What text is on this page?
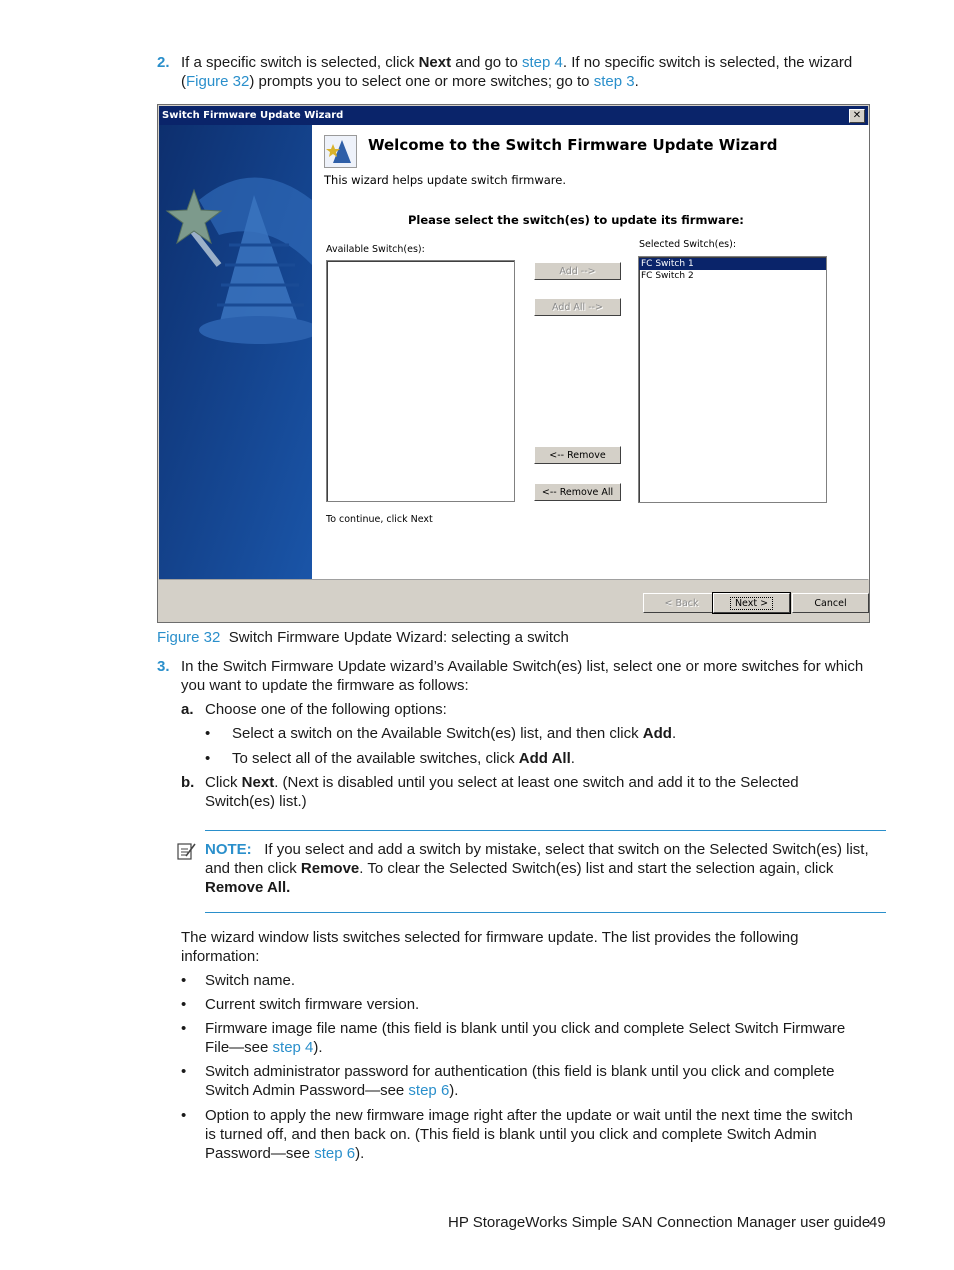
2. If a specific switch is selected, click Next and go to step 4. If no specific switch is selected, the wizard
(Figure 32) prompts you to select one or more switches; go to step 3.
Switch Firmware Update Wizard	✕
Welcome to the Switch Firmware Update Wizard
This wizard helps update switch firmware.
Please select the switch(es) to update its firmware:
Available Switch(es):	Selected Switch(es):
Add -->
Add All -->
<-- Remove
<-- Remove All
FC Switch 1
FC Switch 2
To continue, click Next
< Back	Next >	Cancel
Figure 32 Switch Firmware Update Wizard: selecting a switch
3. In the Switch Firmware Update wizard’s Available Switch(es) list, select one or more switches for which
you want to update the firmware as follows:
a. Choose one of the following options:
• Select a switch on the Available Switch(es) list, and then click Add.
• To select all of the available switches, click Add All.
b. Click Next. (Next is disabled until you select at least one switch and add it to the Selected
Switch(es) list.)
NOTE: If you select and add a switch by mistake, select that switch on the Selected Switch(es) list,
and then click Remove. To clear the Selected Switch(es) list and start the selection again, click
Remove All.
The wizard window lists switches selected for firmware update. The list provides the following
information:
• Switch name.
• Current switch firmware version.
• Firmware image file name (this field is blank until you click and complete Select Switch Firmware
File—see step 4).
• Switch administrator password for authentication (this field is blank until you click and complete
Switch Admin Password—see step 6).
• Option to apply the new firmware image right after the update or wait until the next time the switch
is turned off, and then back on. (This field is blank until you click and complete Switch Admin
Password—see step 6).
HP StorageWorks Simple SAN Connection Manager user guide
49
